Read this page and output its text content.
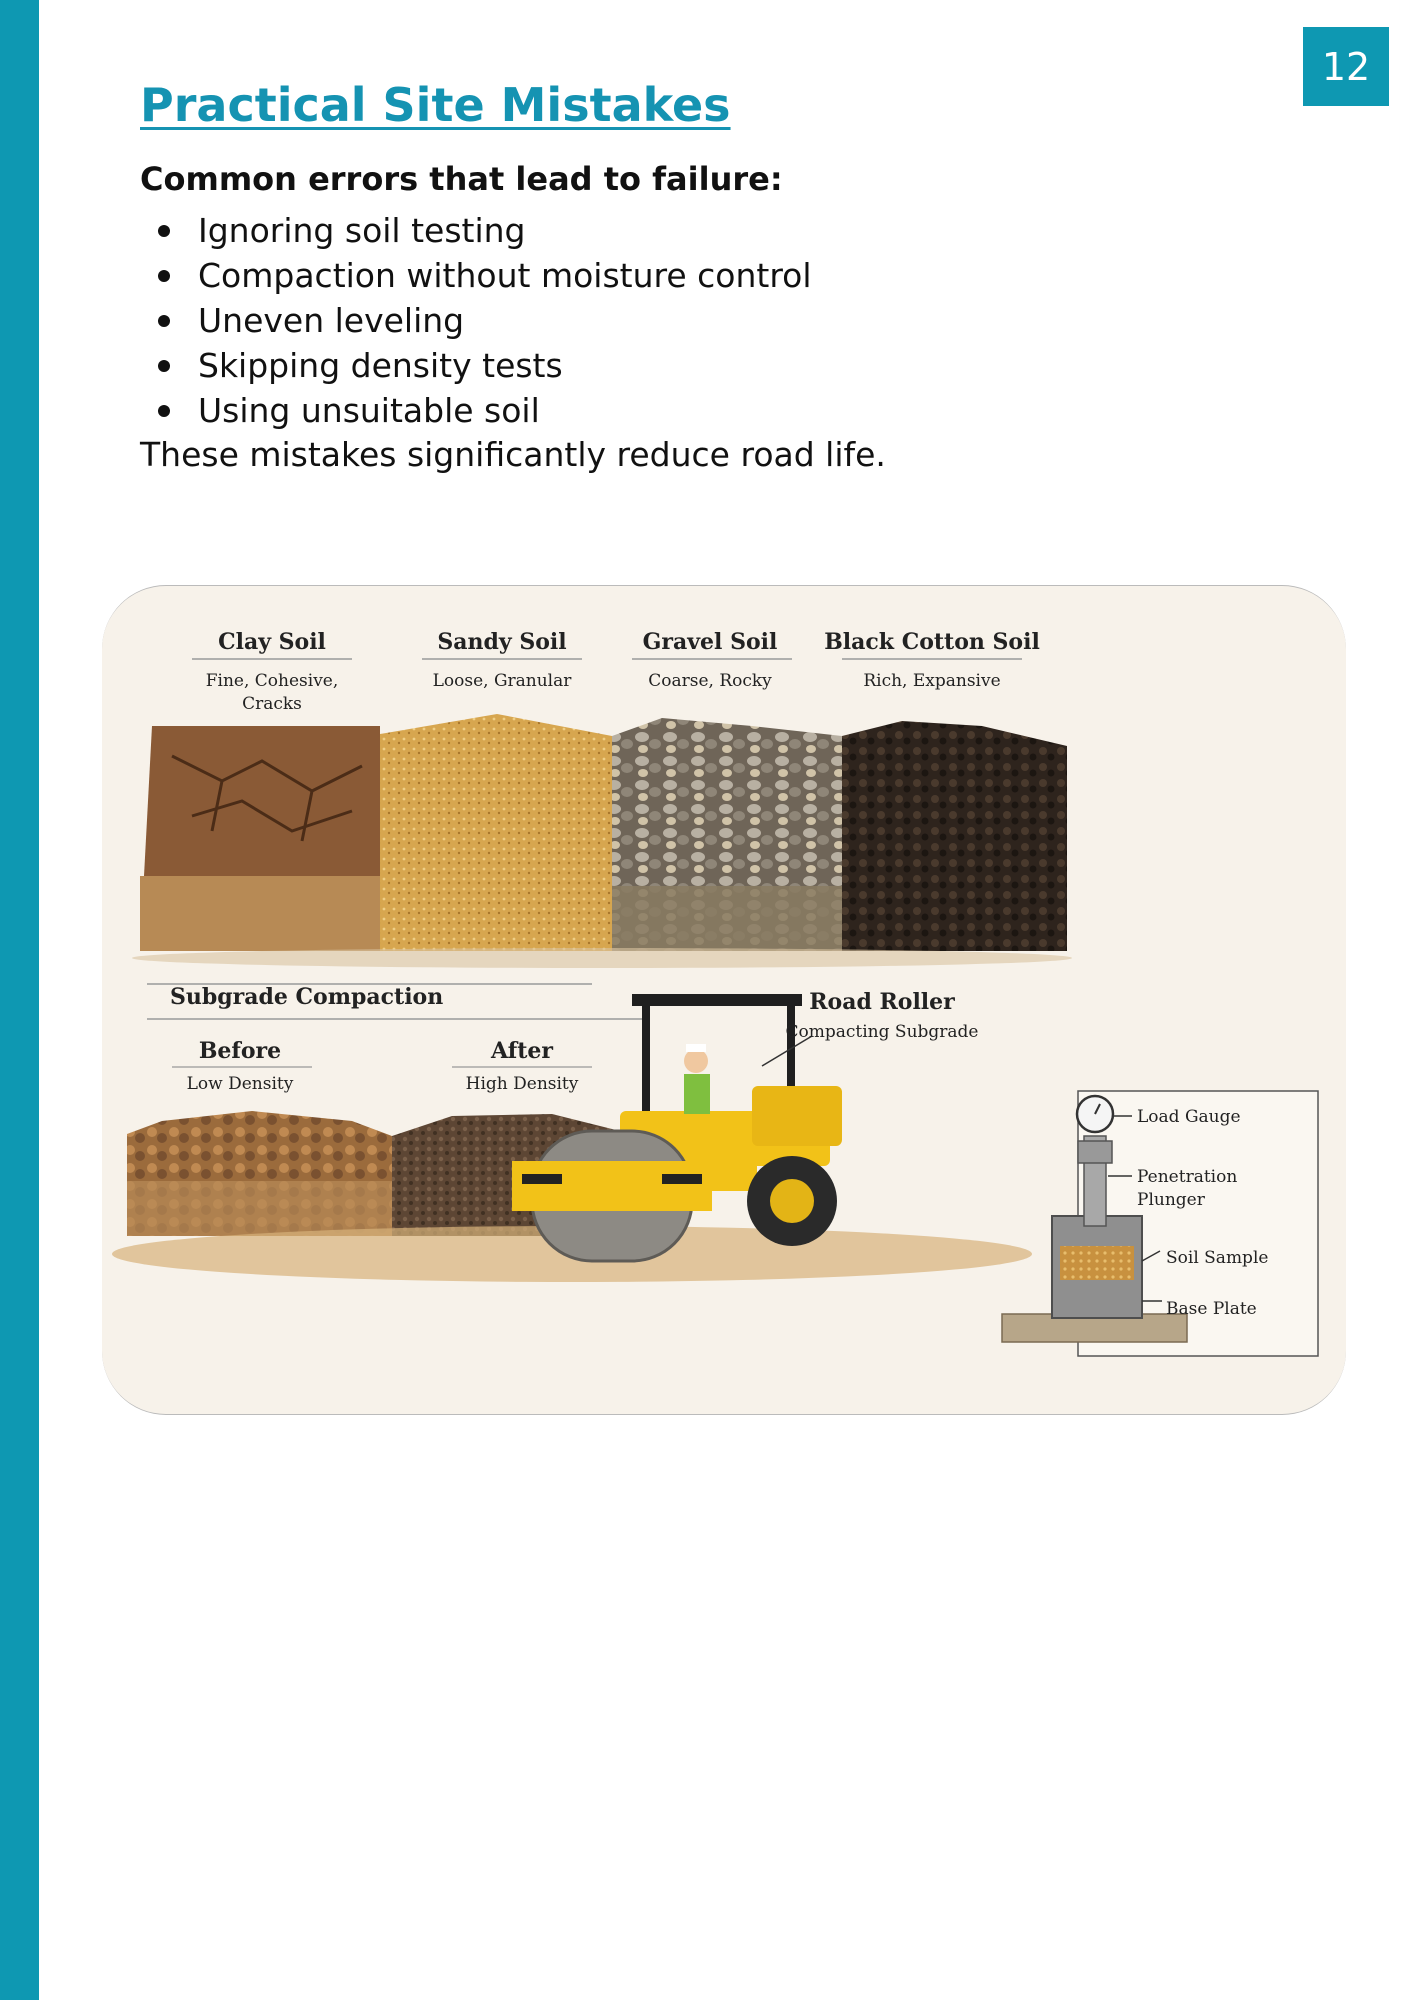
12
Practical Site Mistakes

Common errors that lead to failure:

Ignoring soil testing
Compaction without moisture control
Uneven leveling
Skipping density tests
Using unsuitable soil

These mistakes significantly reduce road life.

Clay Soil
Fine, Cohesive,
Cracks
Sandy Soil
Loose, Granular
Gravel Soil
Coarse, Rocky
Black Cotton Soil
Rich, Expansive
Subgrade Compaction
Before
Low Density
After
High Density
Road Roller
Compacting Subgrade
Load Gauge
Penetration
Plunger
Soil Sample
Base Plate
